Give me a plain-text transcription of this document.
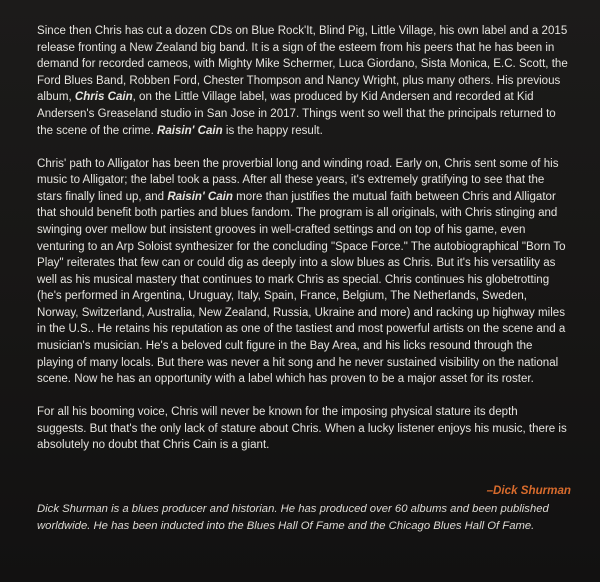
Since then Chris has cut a dozen CDs on Blue Rock'It, Blind Pig, Little Village, his own label and a 2015 release fronting a New Zealand big band. It is a sign of the esteem from his peers that he has been in demand for recorded cameos, with Mighty Mike Schermer, Luca Giordano, Sista Monica, E.C. Scott, the Ford Blues Band, Robben Ford, Chester Thompson and Nancy Wright, plus many others. His previous album, Chris Cain, on the Little Village label, was produced by Kid Andersen and recorded at Kid Andersen's Greaseland studio in San Jose in 2017. Things went so well that the principals returned to the scene of the crime. Raisin' Cain is the happy result.

Chris' path to Alligator has been the proverbial long and winding road. Early on, Chris sent some of his music to Alligator; the label took a pass. After all these years, it's extremely gratifying to see that the stars finally lined up, and Raisin' Cain more than justifies the mutual faith between Chris and Alligator that should benefit both parties and blues fandom. The program is all originals, with Chris stinging and swinging over mellow but insistent grooves in well-crafted settings and on top of his game, even venturing to an Arp Soloist synthesizer for the concluding "Space Force." The autobiographical "Born To Play" reiterates that few can or could dig as deeply into a slow blues as Chris. But it's his versatility as well as his musical mastery that continues to mark Chris as special. Chris continues his globetrotting (he's performed in Argentina, Uruguay, Italy, Spain, France, Belgium, The Netherlands, Sweden, Norway, Switzerland, Australia, New Zealand, Russia, Ukraine and more) and racking up highway miles in the U.S.. He retains his reputation as one of the tastiest and most powerful artists on the scene and a musician's musician. He's a beloved cult figure in the Bay Area, and his licks resound through the playing of many locals. But there was never a hit song and he never sustained visibility on the national scene. Now he has an opportunity with a label which has proven to be a major asset for its roster.

For all his booming voice, Chris will never be known for the imposing physical stature its depth suggests. But that's the only lack of stature about Chris. When a lucky listener enjoys his music, there is absolutely no doubt that Chris Cain is a giant.

–Dick Shurman
Dick Shurman is a blues producer and historian. He has produced over 60 albums and been published worldwide. He has been inducted into the Blues Hall Of Fame and the Chicago Blues Hall Of Fame.
